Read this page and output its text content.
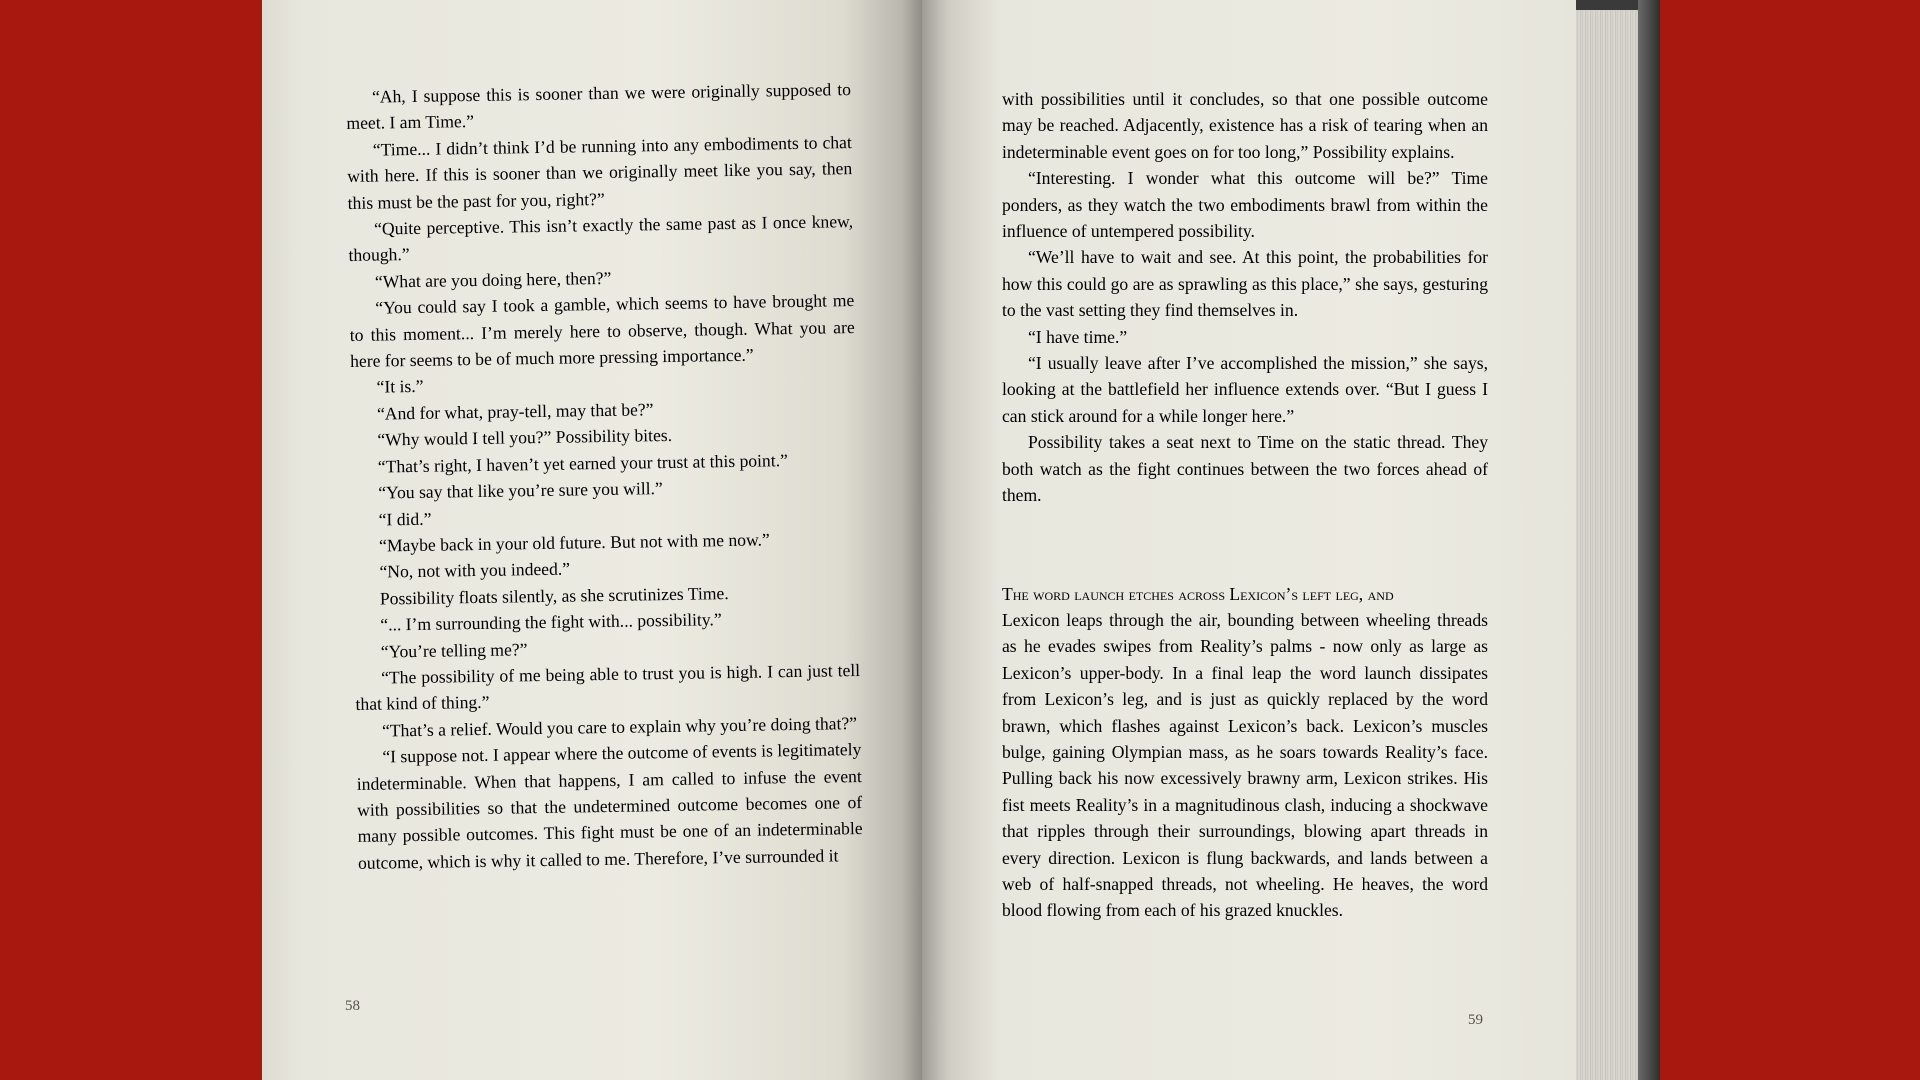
“Ah, I suppose this is sooner than we were originally supposed to meet. I am Time.”

“Time... I didn’t think I’d be running into any embodiments to chat with here. If this is sooner than we originally meet like you say, then this must be the past for you, right?”

“Quite perceptive. This isn’t exactly the same past as I once knew, though.”

“What are you doing here, then?”

“You could say I took a gamble, which seems to have brought me to this moment... I’m merely here to observe, though. What you are here for seems to be of much more pressing importance.”

“It is.”

“And for what, pray-tell, may that be?”

“Why would I tell you?” Possibility bites.

“That’s right, I haven’t yet earned your trust at this point.”

“You say that like you’re sure you will.”

“I did.”

“Maybe back in your old future. But not with me now.”

“No, not with you indeed.”

Possibility floats silently, as she scrutinizes Time.

“... I’m surrounding the fight with... possibility.”

“You’re telling me?”

“The possibility of me being able to trust you is high. I can just tell that kind of thing.”

“That’s a relief. Would you care to explain why you’re doing that?”

“I suppose not. I appear where the outcome of events is legitimately indeterminable. When that happens, I am called to infuse the event with possibilities so that the undetermined outcome becomes one of many possible outcomes. This fight must be one of an indeterminable outcome, which is why it called to me. Therefore, I’ve surrounded it

58

with possibilities until it concludes, so that one possible outcome may be reached. Adjacently, existence has a risk of tearing when an indeterminable event goes on for too long,” Possibility explains.

“Interesting. I wonder what this outcome will be?” Time ponders, as they watch the two embodiments brawl from within the influence of untempered possibility.

“We’ll have to wait and see. At this point, the probabilities for how this could go are as sprawling as this place,” she says, gesturing to the vast setting they find themselves in.

“I have time.”

“I usually leave after I’ve accomplished the mission,” she says, looking at the battlefield her influence extends over. “But I guess I can stick around for a while longer here.”

Possibility takes a seat next to Time on the static thread. They both watch as the fight continues between the two forces ahead of them.

The word launch etches across Lexicon’s left leg, and

Lexicon leaps through the air, bounding between wheeling threads as he evades swipes from Reality’s palms - now only as large as Lexicon’s upper-body. In a final leap the word launch dissipates from Lexicon’s leg, and is just as quickly replaced by the word brawn, which flashes against Lexicon’s back. Lexicon’s muscles bulge, gaining Olympian mass, as he soars towards Reality’s face. Pulling back his now excessively brawny arm, Lexicon strikes. His fist meets Reality’s in a magnitudinous clash, inducing a shockwave that ripples through their surroundings, blowing apart threads in every direction. Lexicon is flung backwards, and lands between a web of half-snapped threads, not wheeling. He heaves, the word blood flowing from each of his grazed knuckles.

59
